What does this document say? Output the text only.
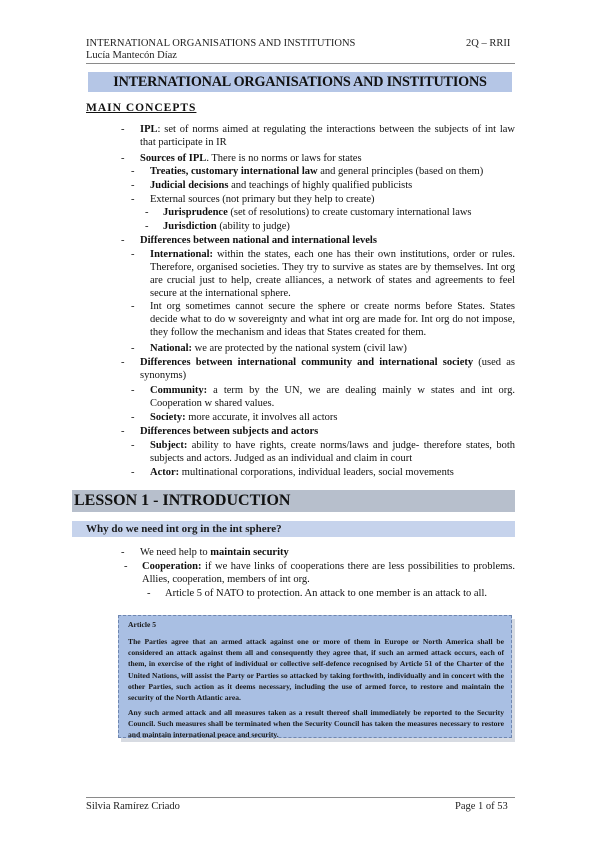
INTERNATIONAL ORGANISATIONS AND INSTITUTIONS
Lucía Mantecón Díaz
2Q – RRII
INTERNATIONAL ORGANISATIONS AND INSTITUTIONS
MAIN CONCEPTS
- IPL: set of norms aimed at regulating the interactions between the subjects of int law that participate in IR
- Sources of IPL. There is no norms or laws for states
- Treaties, customary international law and general principles (based on them)
- Judicial decisions and teachings of highly qualified publicists
- External sources (not primary but they help to create)
- Jurisprudence (set of resolutions) to create customary international laws
- Jurisdiction (ability to judge)
- Differences between national and international levels
- International: within the states, each one has their own institutions, order or rules. Therefore, organised societies. They try to survive as states are by themselves. Int org are crucial just to help, create alliances, a network of states and agreements to feel secure at the international sphere.
- Int org sometimes cannot secure the sphere or create norms before States. States decide what to do w sovereignty and what int org are made for. Int org do not impose, they follow the mechanism and ideas that States created for them.
- National: we are protected by the national system (civil law)
- Differences between international community and international society (used as synonyms)
- Community: a term by the UN, we are dealing mainly w states and int org. Cooperation w shared values.
- Society: more accurate, it involves all actors
- Differences between subjects and actors
- Subject: ability to have rights, create norms/laws and judge- therefore states, both subjects and actors. Judged as an individual and claim in court
- Actor: multinational corporations, individual leaders, social movements
LESSON 1 - INTRODUCTION
Why do we need int org in the int sphere?
- We need help to maintain security
- Cooperation: if we have links of cooperations there are less possibilities to problems. Allies, cooperation, members of int org.
- Article 5 of NATO to protection. An attack to one member is an attack to all.
Article 5
The Parties agree that an armed attack against one or more of them in Europe or North America shall be considered an attack against them all and consequently they agree that, if such an armed attack occurs, each of them, in exercise of the right of individual or collective self-defence recognised by Article 51 of the Charter of the United Nations, will assist the Party or Parties so attacked by taking forthwith, individually and in concert with the other Parties, such action as it deems necessary, including the use of armed force, to restore and maintain the security of the North Atlantic area.
Any such armed attack and all measures taken as a result thereof shall immediately be reported to the Security Council. Such measures shall be terminated when the Security Council has taken the measures necessary to restore and maintain international peace and security.
Silvia Ramírez Criado	Page 1 of 53
